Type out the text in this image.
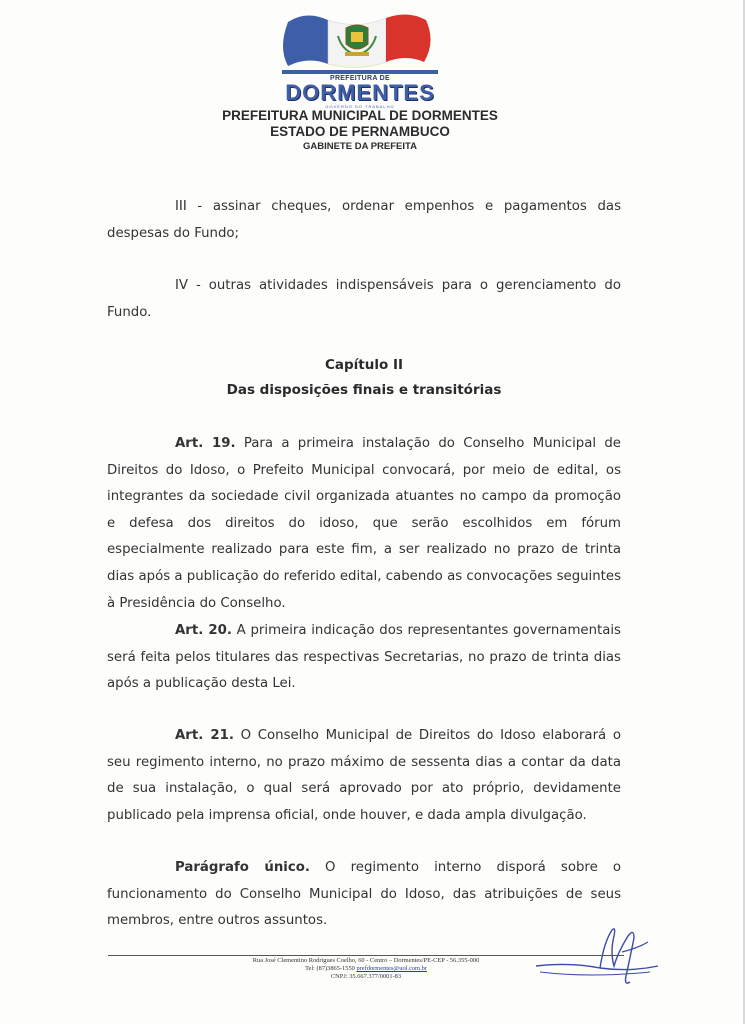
PREFEITURA DE
DORMENTES
GOVERNO DO TRABALHO
PREFEITURA MUNICIPAL DE DORMENTES
ESTADO DE PERNAMBUCO
GABINETE DA PREFEITA
III - assinar cheques, ordenar empenhos e pagamentos das despesas do Fundo;
IV - outras atividades indispensáveis para o gerenciamento do Fundo.
Capítulo II
Das disposições finais e transitórias
Art. 19. Para a primeira instalação do Conselho Municipal de Direitos do Idoso, o Prefeito Municipal convocará, por meio de edital, os integrantes da sociedade civil organizada atuantes no campo da promoção e defesa dos direitos do idoso, que serão escolhidos em fórum especialmente realizado para este fim, a ser realizado no prazo de trinta dias após a publicação do referido edital, cabendo as convocações seguintes à Presidência do Conselho.
Art. 20. A primeira indicação dos representantes governamentais será feita pelos titulares das respectivas Secretarias, no prazo de trinta dias após a publicação desta Lei.
Art. 21. O Conselho Municipal de Direitos do Idoso elaborará o seu regimento interno, no prazo máximo de sessenta dias a contar da data de sua instalação, o qual será aprovado por ato próprio, devidamente publicado pela imprensa oficial, onde houver, e dada ampla divulgação.
Parágrafo único. O regimento interno disporá sobre o funcionamento do Conselho Municipal do Idoso, das atribuições de seus membros, entre outros assuntos.
Rua José Clementino Rodrigues Coelho, 60 - Centro – Dormentes/PE-CEP - 56.355-000
Tel: (87)3865-1550 prefdormentes@uol.com.br
CNPJ: 35.667.377/0001-83
